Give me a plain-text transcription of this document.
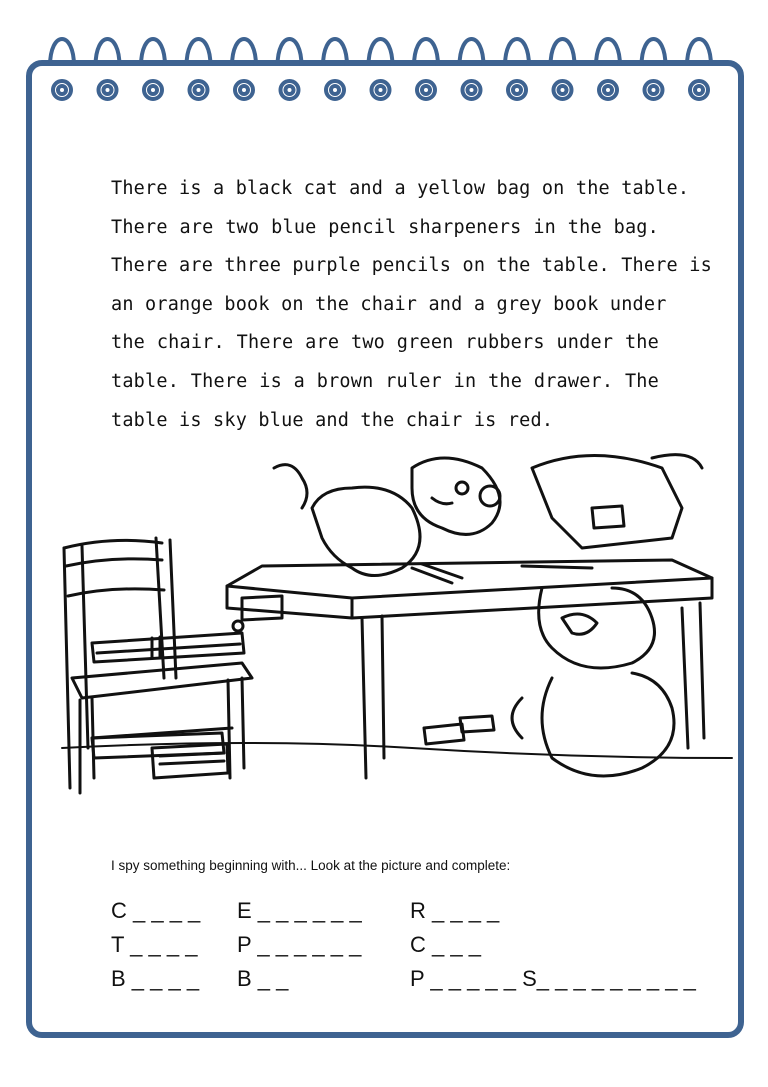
There is a black cat and a yellow bag on the table.
There are two blue pencil sharpeners in the bag.
There are three purple pencils on the table. There is
an orange book on the chair and a grey book under
the chair. There are two green rubbers under the
table. There is a brown ruler in the drawer. The
table is sky blue and the chair is red.
I spy something beginning with... Look at the picture and complete:
C _ _ _ _
T _ _ _ _
B _ _ _ _
E _ _ _ _ _ _
P _ _ _ _ _ _
B _ _
R _ _ _ _
C _ _ _
P _ _ _ _ _ S_ _ _ _ _ _ _ _ _
